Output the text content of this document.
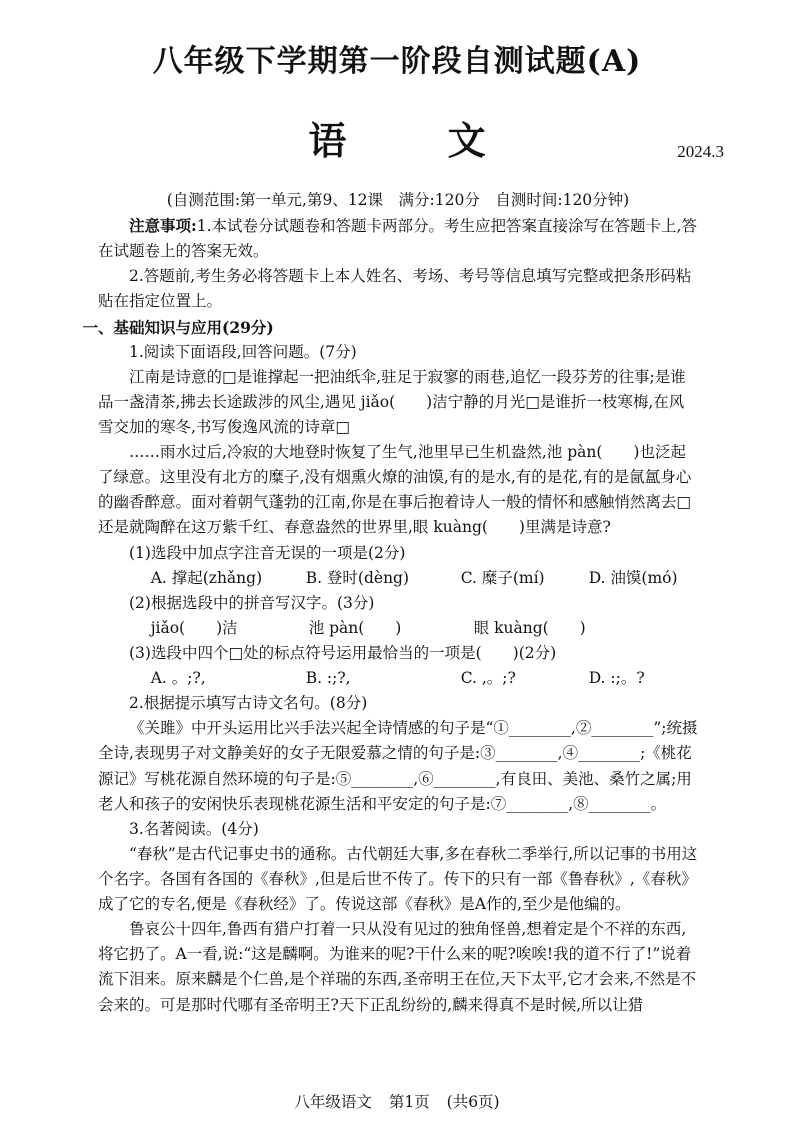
八年级下学期第一阶段自测试题(A)
语 文	2024.3

(自测范围:第一单元,第9、12课　满分:120分　自测时间:120分钟)

注意事项:1.本试卷分试题卷和答题卡两部分。考生应把答案直接涂写在答题卡上,答在试题卷上的答案无效。

2.答题前,考生务必将答题卡上本人姓名、考场、考号等信息填写完整或把条形码粘贴在指定位置上。

一、基础知识与应用(29分)

1.阅读下面语段,回答问题。(7分)

江南是诗意的□是谁撑起一把油纸伞,驻足于寂寥的雨巷,追忆一段芬芳的往事;是谁品一盏清茶,拂去长途跋涉的风尘,遇见 jiǎo(　　)洁宁静的月光□是谁折一枝寒梅,在风雪交加的寒冬,书写俊逸风流的诗章□

……雨水过后,冷寂的大地登时恢复了生气,池里早已生机盎然,池 pàn(　　)也泛起了绿意。这里没有北方的糜子,没有烟熏火燎的油馍,有的是水,有的是花,有的是氤氲身心的幽香醉意。面对着朝气蓬勃的江南,你是在事后抱着诗人一般的情怀和感触悄然离去□还是就陶醉在这万紫千红、春意盎然的世界里,眼 kuàng(　　)里满是诗意?

(1)选段中加点字注音无误的一项是(2分)

A. 撑起(zhǎng)	B. 登时(dèng)	C. 糜子(mí)	D. 油馍(mó)

(2)根据选段中的拼音写汉字。(3分)

jiǎo(　　)洁	池 pàn(　　)	眼 kuàng(　　)

(3)选段中四个□处的标点符号运用最恰当的一项是(　　)(2分)

A. 。;?,	B. :;?,	C. ,。;?	D. :;。?

2.根据提示填写古诗文名句。(8分)

《关雎》中开头运用比兴手法兴起全诗情感的句子是“①________,②________”;统摄全诗,表现男子对文静美好的女子无限爱慕之情的句子是:③________,④________;《桃花源记》写桃花源自然环境的句子是:⑤________,⑥________,有良田、美池、桑竹之属;用老人和孩子的安闲快乐表现桃花源生活和平安定的句子是:⑦________,⑧________。

3.名著阅读。(4分)

“春秋”是古代记事史书的通称。古代朝廷大事,多在春秋二季举行,所以记事的书用这个名字。各国有各国的《春秋》,但是后世不传了。传下的只有一部《鲁春秋》,《春秋》成了它的专名,便是《春秋经》了。传说这部《春秋》是A作的,至少是他编的。

鲁哀公十四年,鲁西有猎户打着一只从没有见过的独角怪兽,想着定是个不祥的东西,将它扔了。A一看,说:“这是麟啊。为谁来的呢?干什么来的呢?唉唉!我的道不行了!”说着流下泪来。原来麟是个仁兽,是个祥瑞的东西,圣帝明王在位,天下太平,它才会来,不然是不会来的。可是那时代哪有圣帝明王?天下正乱纷纷的,麟来得真不是时候,所以让猎

八年级语文 第1页 (共6页)
